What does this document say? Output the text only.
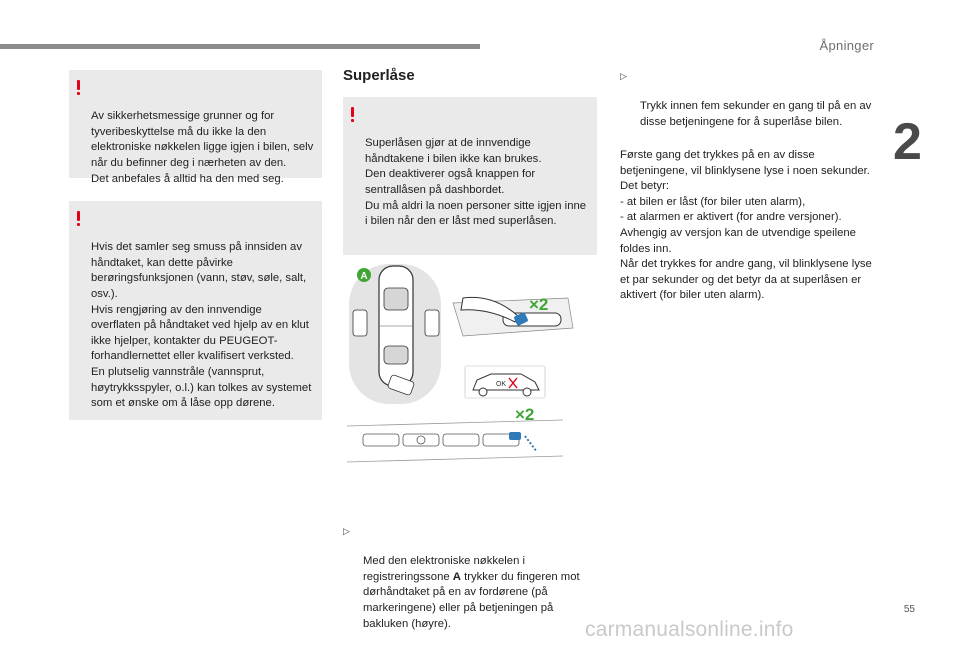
Åpninger
2

Av sikkerhetsmessige grunner og for tyveribeskyttelse må du ikke la den elektroniske nøkkelen ligge igjen i bilen, selv når du befinner deg i nærheten av den.
Det anbefales å alltid ha den med seg.

Hvis det samler seg smuss på innsiden av håndtaket, kan dette påvirke berøringsfunksjonen (vann, støv, søle, salt, osv.).
Hvis rengjøring av den innvendige overflaten på håndtaket ved hjelp av en klut ikke hjelper, kontakter du PEUGEOT-forhandlernettet eller kvalifisert verksted.
En plutselig vannstråle (vannsprut, høytrykksspyler, o.l.) kan tolkes av systemet som et ønske om å låse opp dørene.

Superlåse

Superlåsen gjør at de innvendige håndtakene i bilen ikke kan brukes.
Den deaktiverer også knappen for sentrallåsen på dashbordet.
Du må aldri la noen personer sitte igjen inne i bilen når den er låst med superlåsen.

A
×2
OK
×2

▷

Med den elektroniske nøkkelen i registreringssone A trykker du fingeren mot dørhåndtaket på en av fordørene (på markeringene) eller på betjeningen på bakluken (høyre).

▷

Trykk innen fem sekunder en gang til på en av disse betjeningene for å superlåse bilen.

Første gang det trykkes på en av disse betjeningene, vil blinklysene lyse i noen sekunder. Det betyr:
- at bilen er låst (for biler uten alarm),
- at alarmen er aktivert (for andre versjoner).
Avhengig av versjon kan de utvendige speilene foldes inn.
Når det trykkes for andre gang, vil blinklysene lyse et par sekunder og det betyr da at superlåsen er aktivert (for biler uten alarm).
55
carmanualsonline.info
